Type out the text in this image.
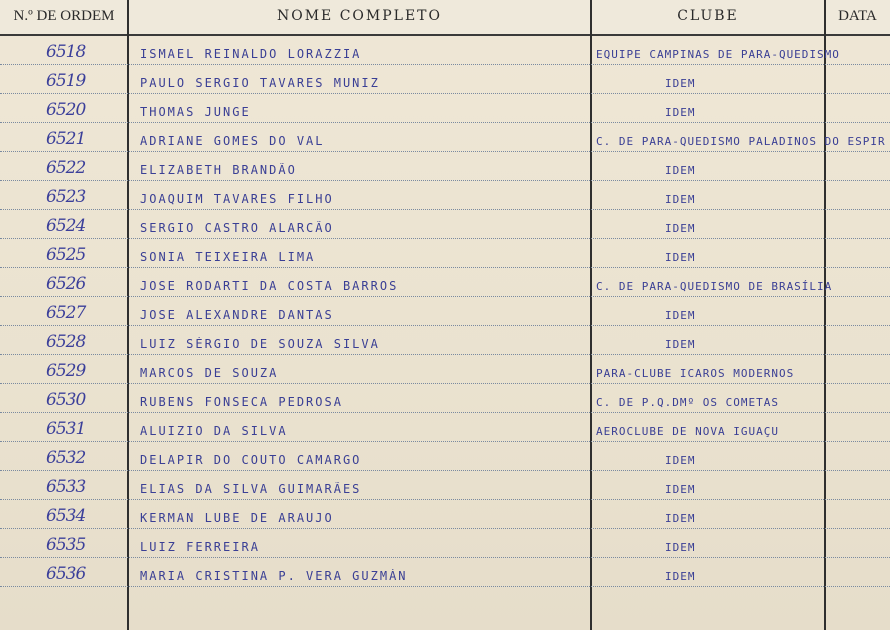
N.º DE ORDEM	NOME COMPLETO	CLUBE	DATA
6518	ISMAEL REINALDO LORAZZIA	EQUIPE CAMPINAS DE PARA-QUEDISMO
6519	PAULO SERGIO TAVARES MUNIZ	IDEM
6520	THOMAS JUNGE	IDEM
6521	ADRIANE GOMES DO VAL	C. DE PARA-QUEDISMO PALADINOS DO ESPIR
6522	ELIZABETH BRANDÃO	IDEM
6523	JOAQUIM TAVARES FILHO	IDEM
6524	SERGIO CASTRO ALARCÃO	IDEM
6525	SONIA TEIXEIRA LIMA	IDEM
6526	JOSE RODARTI DA COSTA BARROS	C. DE PARA-QUEDISMO DE BRASÍLIA
6527	JOSE ALEXANDRE DANTAS	IDEM
6528	LUIZ SÉRGIO DE SOUZA SILVA	IDEM
6529	MARCOS DE SOUZA	PARA-CLUBE ICAROS MODERNOS
6530	RUBENS FONSECA PEDROSA	C. DE P.Q.DMº OS COMETAS
6531	ALUIZIO DA SILVA	AEROCLUBE DE NOVA IGUAÇU
6532	DELAPIR DO COUTO CAMARGO	IDEM
6533	ELIAS DA SILVA GUIMARÃES	IDEM
6534	KERMAN LUBE DE ARAUJO	IDEM
6535	LUIZ FERREIRA	IDEM
6536	MARIA CRISTINA P. VERA GUZMÁN	IDEM
